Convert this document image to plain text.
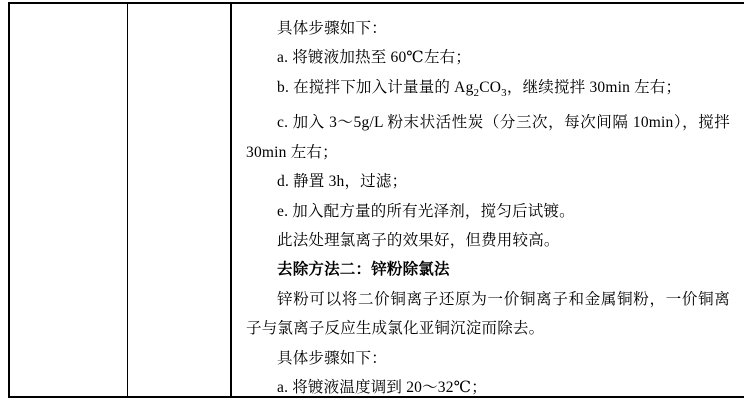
具体步骤如下：

a. 将镀液加热至 60℃左右；

b. 在搅拌下加入计量量的 $Ag_2CO_3$，继续搅拌 30min 左右；

c. 加入 3～5g/L 粉末状活性炭（分三次，每次间隔 10min），搅拌 30min 左右；

d. 静置 3h，过滤；

e. 加入配方量的所有光泽剂，搅匀后试镀。

此法处理氯离子的效果好，但费用较高。

去除方法二：锌粉除氯法

锌粉可以将二价铜离子还原为一价铜离子和金属铜粉，一价铜离子与氯离子反应生成氯化亚铜沉淀而除去。

具体步骤如下：

a. 将镀液温度调到 20～32℃；
